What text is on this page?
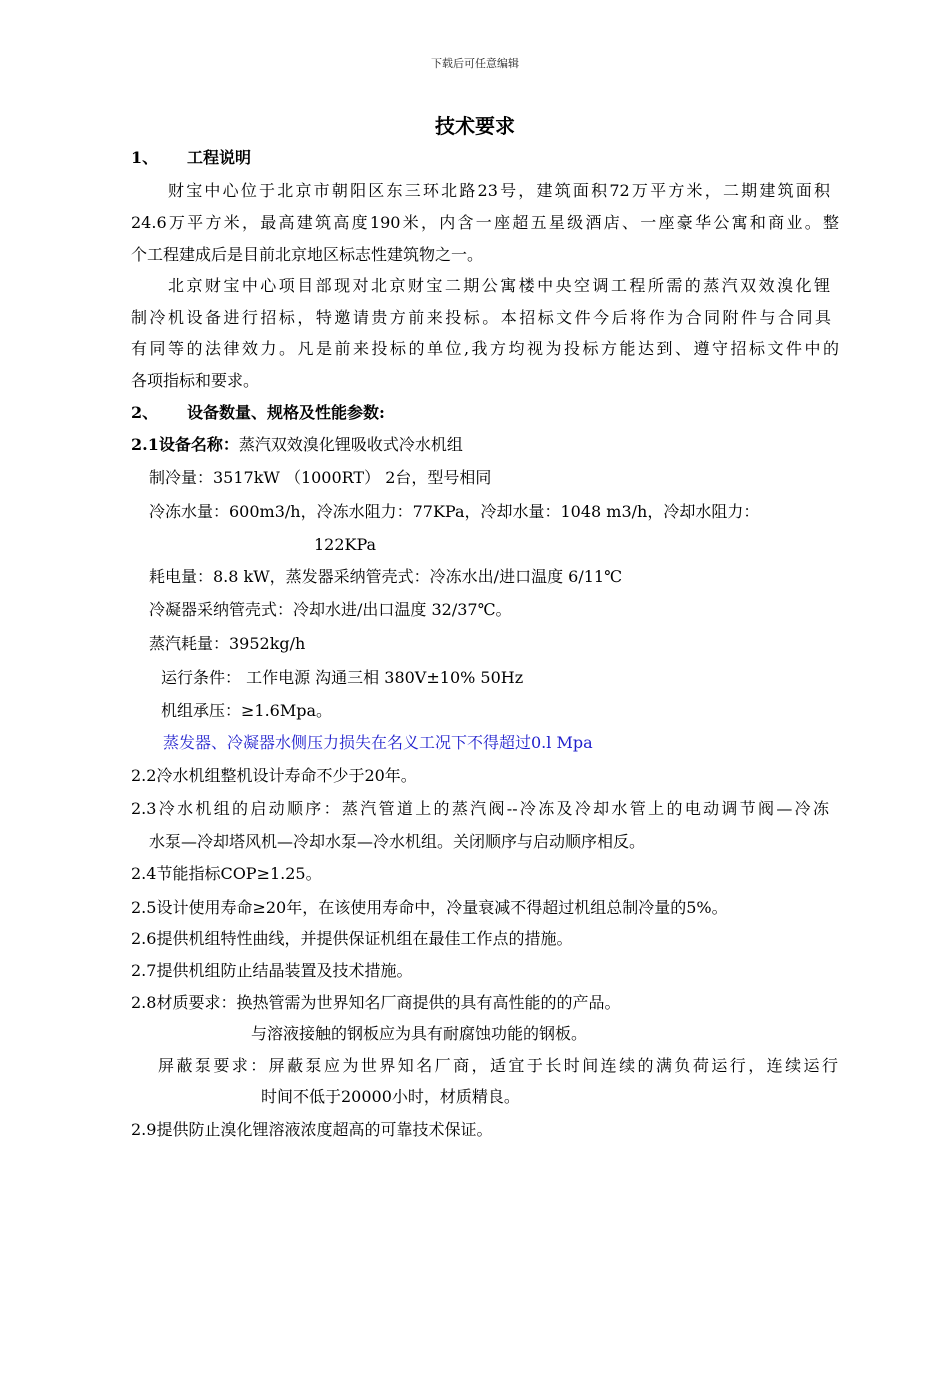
下载后可任意编辑
技术要求
1、 工程说明
财宝中心位于北京市朝阳区东三环北路23号，建筑面积72万平方米，二期建筑面积
24.6万平方米，最高建筑高度190米，内含一座超五星级酒店、一座豪华公寓和商业。整
个工程建成后是目前北京地区标志性建筑物之一。
北京财宝中心项目部现对北京财宝二期公寓楼中央空调工程所需的蒸汽双效溴化锂
制冷机设备进行招标，特邀请贵方前来投标。本招标文件今后将作为合同附件与合同具
有同等的法律效力。凡是前来投标的单位,我方均视为投标方能达到、遵守招标文件中的
各项指标和要求。
2、 设备数量、规格及性能参数:
2.1设备名称：蒸汽双效溴化锂吸收式冷水机组
制冷量：3517kW （1000RT） 2台，型号相同
冷冻水量：600m3/h，冷冻水阻力：77KPa，冷却水量：1048 m3/h，冷却水阻力：
122KPa
耗电量：8.8 kW，蒸发器采纳管壳式：冷冻水出/进口温度 6/11℃
冷凝器采纳管壳式：冷却水进/出口温度 32/37℃。
蒸汽耗量：3952kg/h
运行条件： 工作电源 沟通三相 380V±10% 50Hz
机组承压：≥1.6Mpa。
蒸发器、冷凝器水侧压力损失在名义工况下不得超过0.l Mpa
2.2冷水机组整机设计寿命不少于20年。
2.3冷水机组的启动顺序：蒸汽管道上的蒸汽阀--冷冻及冷却水管上的电动调节阀—冷冻
水泵—冷却塔风机—冷却水泵—冷水机组。关闭顺序与启动顺序相反。
2.4节能指标COP≥1.25。
2.5设计使用寿命≥20年，在该使用寿命中，冷量衰减不得超过机组总制冷量的5%。
2.6提供机组特性曲线，并提供保证机组在最佳工作点的措施。
2.7提供机组防止结晶装置及技术措施。
2.8材质要求：换热管需为世界知名厂商提供的具有高性能的的产品。
与溶液接触的钢板应为具有耐腐蚀功能的钢板。
屏蔽泵要求：屏蔽泵应为世界知名厂商，适宜于长时间连续的满负荷运行，连续运行
时间不低于20000小时，材质精良。
2.9提供防止溴化锂溶液浓度超高的可靠技术保证。
